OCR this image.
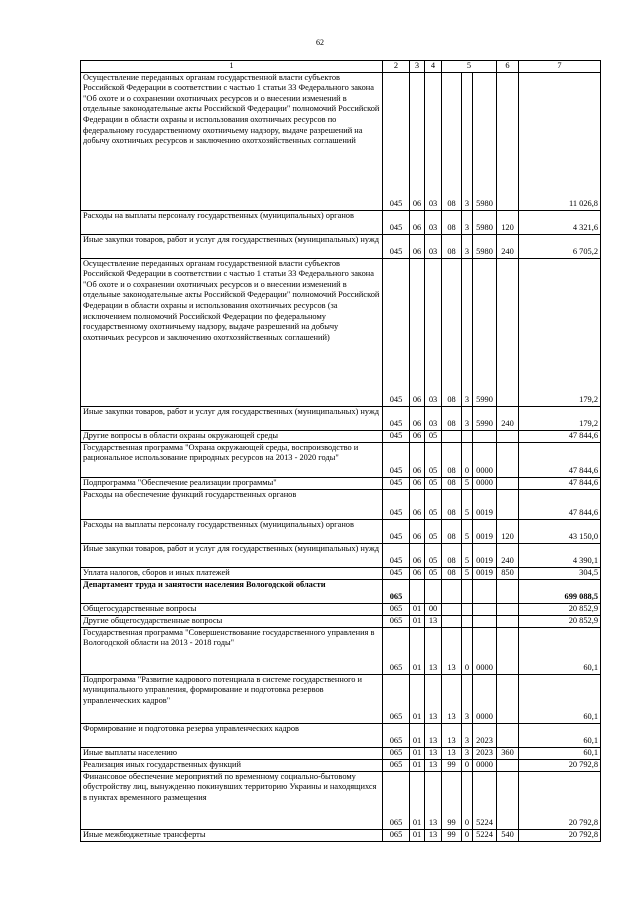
62
1	2	3	4	5			6	7
Осуществление переданных органам государственной власти субъектов Российской Федерации в соответствии с частью 1 статьи 33 Федерального закона "Об охоте и о сохранении охотничьих ресурсов и о внесении изменений в отдельные законодательные акты Российской Федерации" полномочий Российской Федерации в области охраны и использования охотничьих ресурсов по федеральному государственному охотничьему надзору, выдаче разрешений на добычу охотничьих ресурсов и заключению охотхозяйственных соглашений	045	06	03	08	3	5980		11 026,8
Расходы на выплаты персоналу государственных (муниципальных) органов	045	06	03	08	3	5980	120	4 321,6
Иные закупки товаров, работ и услуг для государственных (муниципальных) нужд	045	06	03	08	3	5980	240	6 705,2
Осуществление переданных органам государственной власти субъектов Российской Федерации в соответствии с частью 1 статьи 33 Федерального закона "Об охоте и о сохранении охотничьих ресурсов и о внесении изменений в отдельные законодательные акты Российской Федерации" полномочий Российской Федерации в области охраны и использования охотничьих ресурсов (за исключением полномочий Российской Федерации по федеральному государственному охотничьему надзору, выдаче разрешений на добычу охотничьих ресурсов и заключению охотхозяйственных соглашений)	045	06	03	08	3	5990		179,2
Иные закупки товаров, работ и услуг для государственных (муниципальных) нужд	045	06	03	08	3	5990	240	179,2
Другие вопросы в области охраны окружающей среды	045	06	05					47 844,6
Государственная программа "Охрана окружающей среды, воспроизводство и рациональное использование природных ресурсов на 2013 - 2020 годы"	045	06	05	08	0	0000		47 844,6
Подпрограмма "Обеспечение реализации программы"	045	06	05	08	5	0000		47 844,6
Расходы на обеспечение функций государственных органов	045	06	05	08	5	0019		47 844,6
Расходы на выплаты персоналу государственных (муниципальных) органов	045	06	05	08	5	0019	120	43 150,0
Иные закупки товаров, работ и услуг для государственных (муниципальных) нужд	045	06	05	08	5	0019	240	4 390,1
Уплата налогов, сборов и иных платежей	045	06	05	08	5	0019	850	304,5
Департамент труда и занятости населения Вологодской области	065							699 088,5
Общегосударственные вопросы	065	01	00					20 852,9
Другие общегосударственные вопросы	065	01	13					20 852,9
Государственная программа "Совершенствование государственного управления в Вологодской области на 2013 - 2018 годы"	065	01	13	13	0	0000		60,1
Подпрограмма "Развитие кадрового потенциала в системе государственного и муниципального управления, формирование и подготовка резервов управленческих кадров"	065	01	13	13	3	0000		60,1
Формирование и подготовка резерва управленческих кадров	065	01	13	13	3	2023		60,1
Иные выплаты населению	065	01	13	13	3	2023	360	60,1
Реализация иных государственных функций	065	01	13	99	0	0000		20 792,8
Финансовое обеспечение мероприятий по временному социально-бытовому обустройству лиц, вынужденно покинувших территорию Украины и находящихся в пунктах временного размещения	065	01	13	99	0	5224		20 792,8
Иные межбюджетные трансферты	065	01	13	99	0	5224	540	20 792,8
